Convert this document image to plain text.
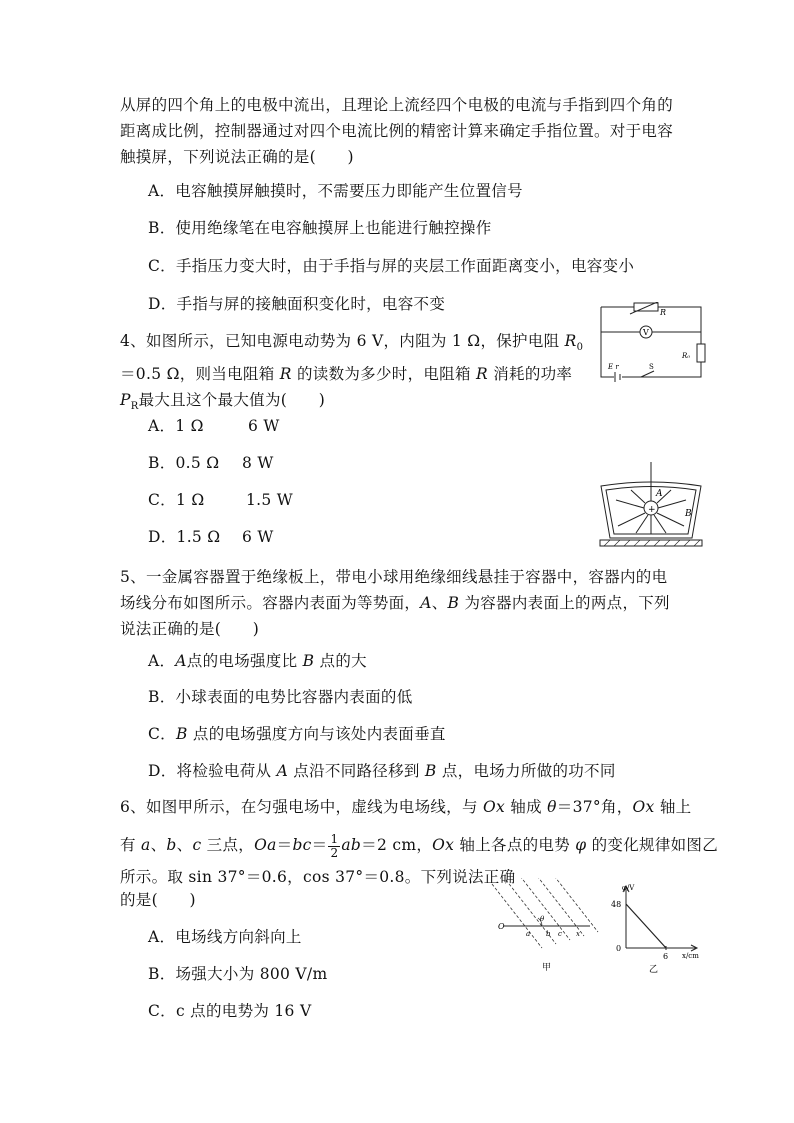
从屏的四个角上的电极中流出，且理论上流经四个电极的电流与手指到四个角的距离成比例，控制器通过对四个电流比例的精密计算来确定手指位置。对于电容触摸屏，下列说法正确的是(　　)
A．电容触摸屏触摸时，不需要压力即能产生位置信号
B．使用绝缘笔在电容触摸屏上也能进行触控操作
C．手指压力变大时，由于手指与屏的夹层工作面距离变小，电容变小
D．手指与屏的接触面积变化时，电容不变
4、如图所示，已知电源电动势为 6 V，内阻为 1 Ω，保护电阻 $R_0=0.5$ Ω，则当电阻箱 R 的读数为多少时，电阻箱 R 消耗的功率 $P_R$最大且这个最大值为(　　)
R
V
R₀
E r	S
A．1 Ω	6 W
B．0.5 Ω 8 W
C．1 Ω	1.5 W
D．1.5 Ω 6 W
+
A
B
5、一金属容器置于绝缘板上，带电小球用绝缘细线悬挂于容器中，容器内的电场线分布如图所示。容器内表面为等势面，A、B 为容器内表面上的两点，下列说法正确的是(　　)
A．A点的电场强度比 B 点的大
B．小球表面的电势比容器内表面的低
C．B 点的电场强度方向与该处内表面垂直
D．将检验电荷从 A 点沿不同路径移到 B 点，电场力所做的功不同
6、如图甲所示，在匀强电场中，虚线为电场线，与 Ox 轴成 θ＝37°角，Ox 轴上
有 a、b、c 三点，$Oa=bc= \frac{1}{2} ab=2$ cm，Ox 轴上各点的电势 φ 的变化规律如图乙
所示。取 sin 37°＝0.6，cos 37°＝0.8。下列说法正确
的是(　　)
A．电场线方向斜向上
B．场强大小为 800 V/m
C．c 点的电势为 16 V
O
a b c x
θ
甲
φ/V
48
0
6 x/cm
乙
